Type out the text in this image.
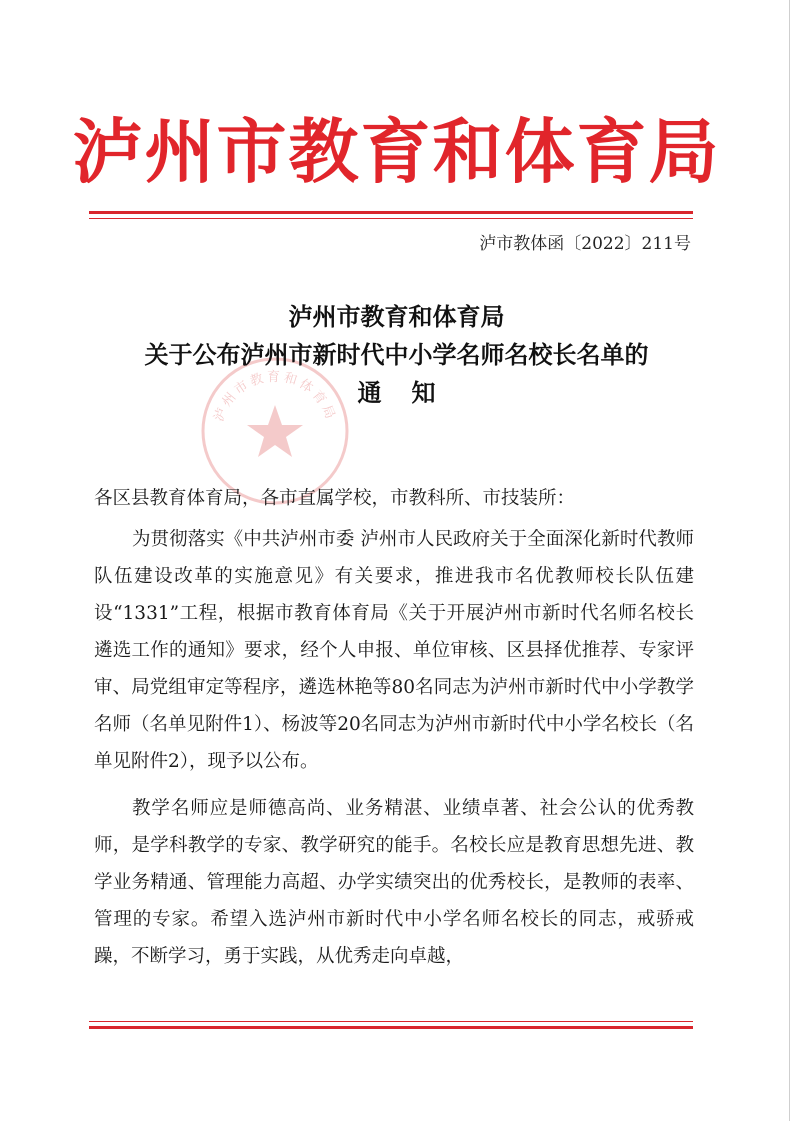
泸州市教育和体育局
泸市教体函〔2022〕211号
泸州市教育和体育局
泸州市教育和体育局
关于公布泸州市新时代中小学名师名校长名单的
通知

各区县教育体育局，各市直属学校，市教科所、市技装所：

为贯彻落实《中共泸州市委 泸州市人民政府关于全面深化新时代教师队伍建设改革的实施意见》有关要求，推进我市名优教师校长队伍建设“1331”工程，根据市教育体育局《关于开展泸州市新时代名师名校长遴选工作的通知》要求，经个人申报、单位审核、区县择优推荐、专家评审、局党组审定等程序，遴选林艳等80名同志为泸州市新时代中小学教学名师（名单见附件1）、杨波等20名同志为泸州市新时代中小学名校长（名单见附件2），现予以公布。

教学名师应是师德高尚、业务精湛、业绩卓著、社会公认的优秀教师，是学科教学的专家、教学研究的能手。名校长应是教育思想先进、教学业务精通、管理能力高超、办学实绩突出的优秀校长，是教师的表率、管理的专家。希望入选泸州市新时代中小学名师名校长的同志，戒骄戒躁，不断学习，勇于实践，从优秀走向卓越，
